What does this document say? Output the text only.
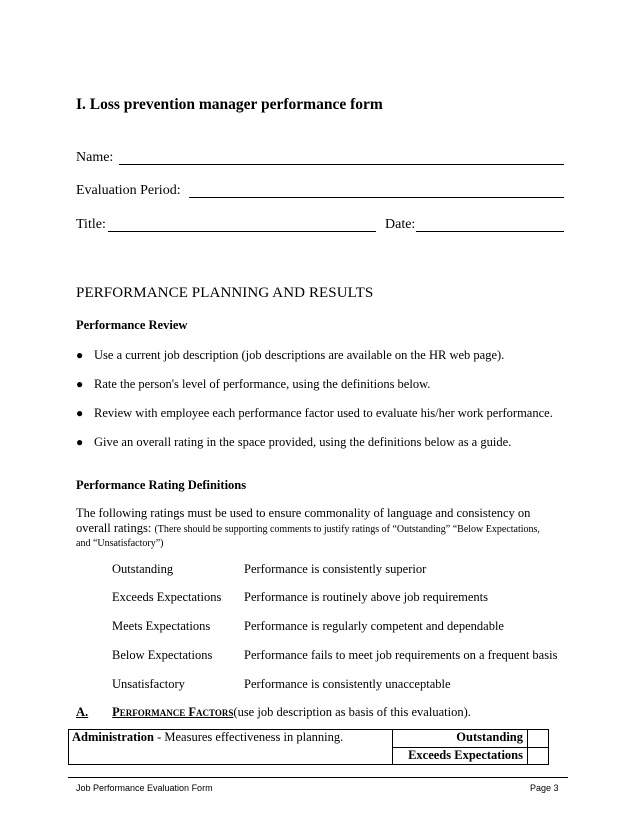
I. Loss prevention manager performance form
Name:
Evaluation Period:
Title:	Date:
PERFORMANCE PLANNING AND RESULTS
Performance Review
● Use a current job description (job descriptions are available on the HR web page).
● Rate the person's level of performance, using the definitions below.
● Review with employee each performance factor used to evaluate his/her work performance.
● Give an overall rating in the space provided, using the definitions below as a guide.
Performance Rating Definitions
The following ratings must be used to ensure commonality of language and consistency on
overall ratings: (There should be supporting comments to justify ratings of “Outstanding” “Below Expectations,
and “Unsatisfactory”)
Outstanding	Performance is consistently superior
Exceeds Expectations Performance is routinely above job requirements
Meets Expectations	Performance is regularly competent and dependable
Below Expectations	Performance fails to meet job requirements on a frequent basis
Unsatisfactory	Performance is consistently unacceptable
A. Performance Factors(use job description as basis of this evaluation).
Administration - Measures effectiveness in planning.	Outstanding	
	Exceeds Expectations	
Job Performance Evaluation Form	Page 3
